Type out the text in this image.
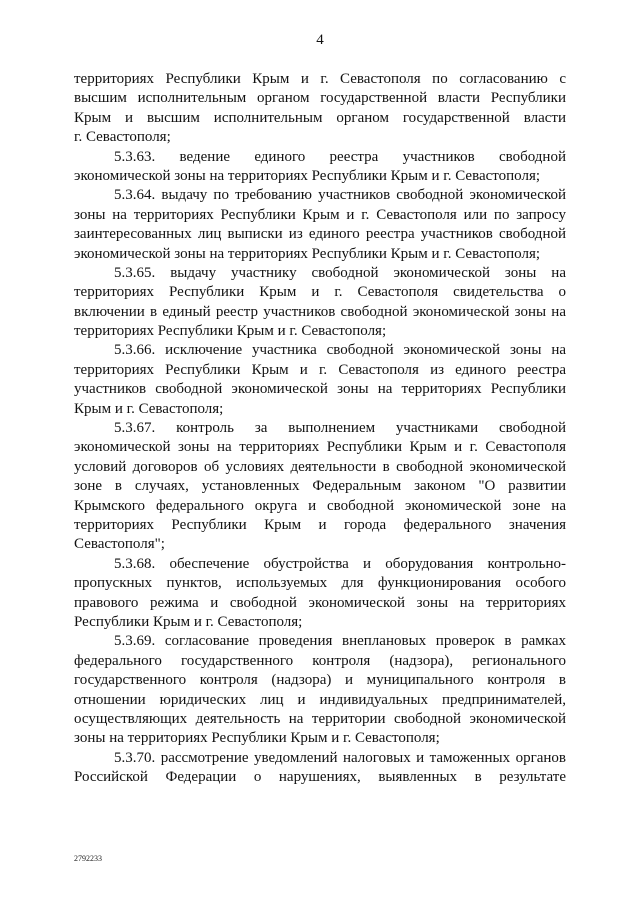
4
территориях Республики Крым и г. Севастополя по согласованию с
высшим исполнительным органом государственной власти Республики
Крым и высшим исполнительным органом государственной власти
г. Севастополя;
5.3.63. ведение единого реестра участников свободной
экономической зоны на территориях Республики Крым и г. Севастополя;
5.3.64. выдачу по требованию участников свободной экономической
зоны на территориях Республики Крым и г. Севастополя или по запросу
заинтересованных лиц выписки из единого реестра участников свободной
экономической зоны на территориях Республики Крым и г. Севастополя;
5.3.65. выдачу участнику свободной экономической зоны на
территориях Республики Крым и г. Севастополя свидетельства о
включении в единый реестр участников свободной экономической зоны на
территориях Республики Крым и г. Севастополя;
5.3.66. исключение участника свободной экономической зоны на
территориях Республики Крым и г. Севастополя из единого реестра
участников свободной экономической зоны на территориях Республики
Крым и г. Севастополя;
5.3.67. контроль за выполнением участниками свободной
экономической зоны на территориях Республики Крым и г. Севастополя
условий договоров об условиях деятельности в свободной экономической
зоне в случаях, установленных Федеральным законом "О развитии
Крымского федерального округа и свободной экономической зоне на
территориях Республики Крым и города федерального значения
Севастополя";
5.3.68. обеспечение обустройства и оборудования контрольно-
пропускных пунктов, используемых для функционирования особого
правового режима и свободной экономической зоны на территориях
Республики Крым и г. Севастополя;
5.3.69. согласование проведения внеплановых проверок в рамках
федерального государственного контроля (надзора), регионального
государственного контроля (надзора) и муниципального контроля в
отношении юридических лиц и индивидуальных предпринимателей,
осуществляющих деятельность на территории свободной экономической
зоны на территориях Республики Крым и г. Севастополя;
5.3.70. рассмотрение уведомлений налоговых и таможенных органов
Российской Федерации о нарушениях, выявленных в результате
2792233
